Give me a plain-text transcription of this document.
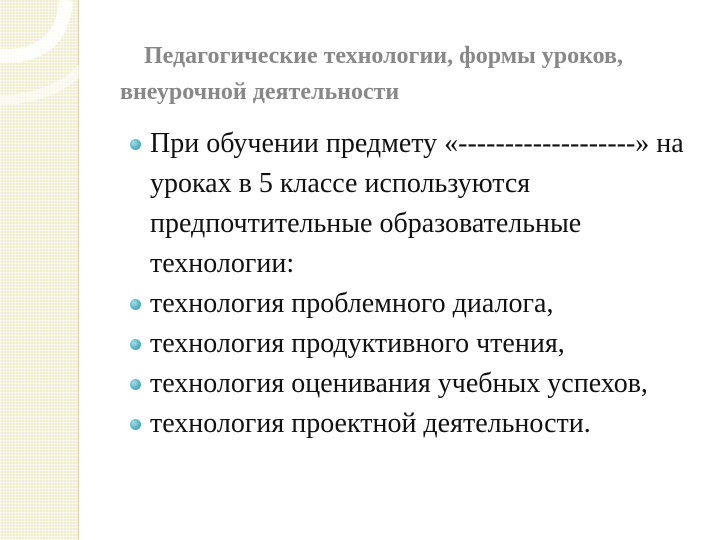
Педагогические технологии, формы уроков, внеурочной деятельности
При обучении предмету «-------------------» на уроках в 5 классе используются предпочтительные образовательные технологии:
технология проблемного диалога,
технология продуктивного чтения,
технология оценивания учебных успехов,
технология проектной деятельности.
